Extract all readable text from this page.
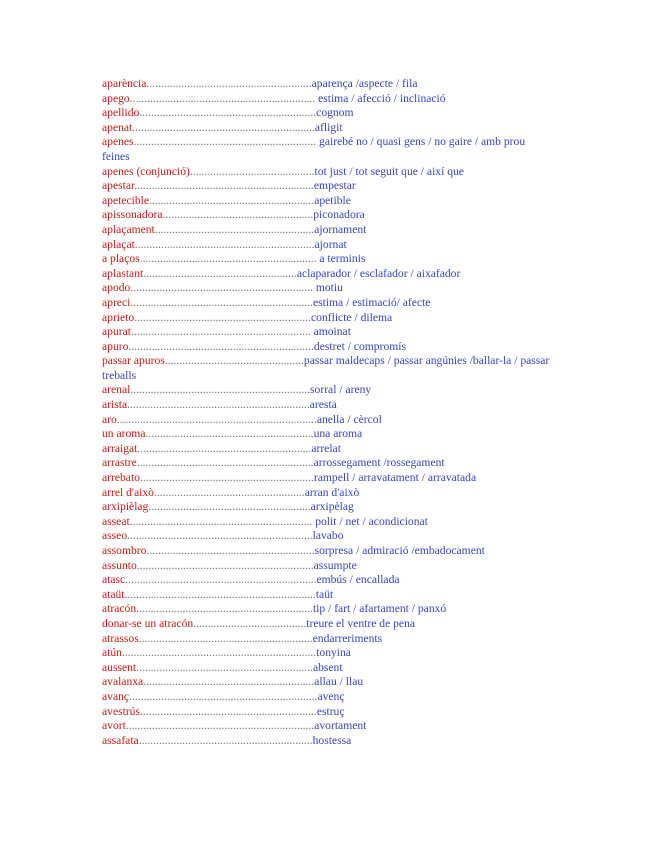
aparència.........................................................aparença /aspecte / fila
apego................................................................ estima / afecció / inclinació
apellido.............................................................cognom
apenat...............................................................afligit
apenes............................................................... gairebé no / quasi gens / no gaire / amb prou feines
apenes (conjunció)...........................................tot just / tot seguit que / així que
apestar..............................................................empestar
apetecible.........................................................apetible
apissonadora....................................................piconadora
aplaçament.......................................................ajornament
aplaçat..............................................................ajornat
a plaços............................................................. a terminis
aplastant.....................................................aclaparador / esclafador / aixafador
apodo............................................................... motiu
apreci...............................................................estima / estimació/ afecte
aprieto.............................................................conflicte / dilema
apurat.............................................................. amoinat
apuro................................................................destret / compromís
passar apuros................................................passar maldecaps / passar angúnies /ballar-la / passar treballs
arenal..............................................................sorral / areny
arista...............................................................aresta
aro.....................................................................anella / cèrcol
un aroma..........................................................una aroma
arraigat............................................................arrelat
arrastre.............................................................arrossegament /rossegament
arrebato............................................................rampell / arravatament / arravatada
arrel d'això....................................................arran d'això
arxipièlag........................................................arxipèlag
asseat............................................................... polit / net / acondicionat
asseo................................................................lavabo
assombro..........................................................sorpresa / admiració /embadocament
assunto.............................................................assumpte
atasc..................................................................embús / encallada
ataüt..................................................................taüt
atracón.............................................................tip / fart / afartament / panxó
donar-se un atracón.......................................treure el ventre de pena
atrassos............................................................endarreriments
atún...................................................................tonyina
aussent.............................................................absent
avalanxa...........................................................allau / llau
avanç.................................................................avenç
avestrús.............................................................estruç
avort.................................................................avortament
assafata............................................................hostessa
